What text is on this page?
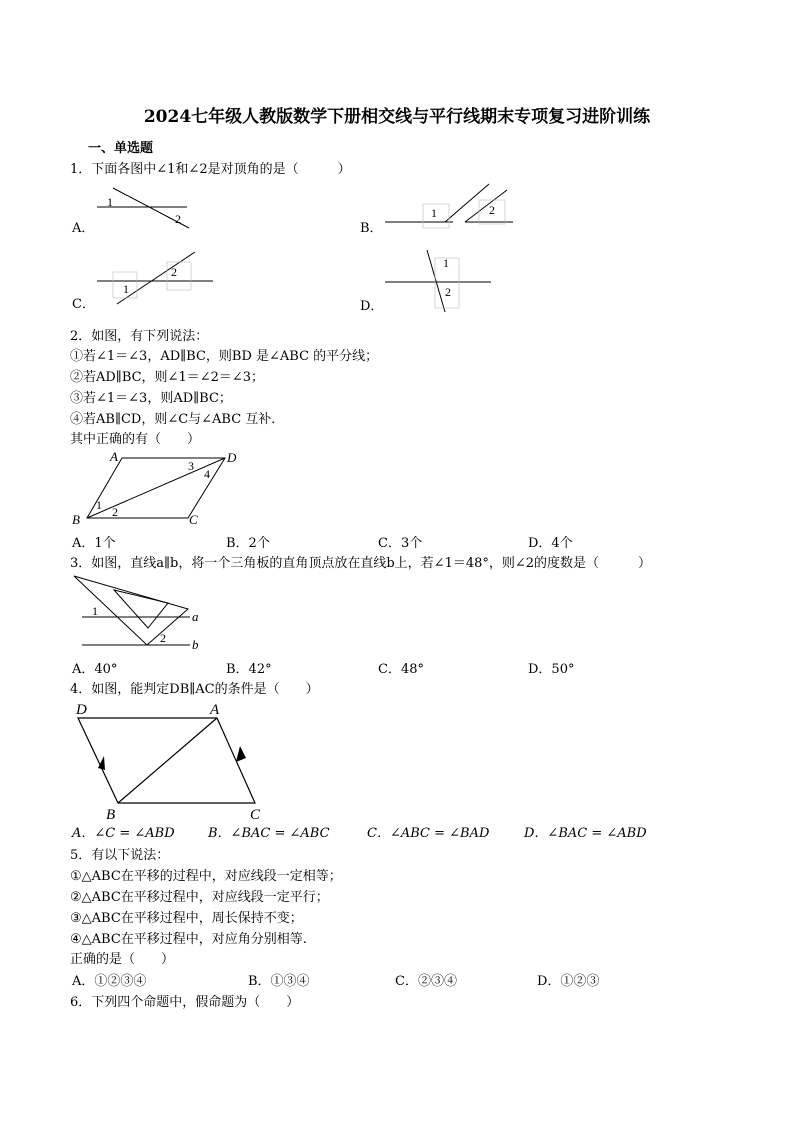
2024七年级人教版数学下册相交线与平行线期末专项复习进阶训练
一、单选题
1．下面各图中∠1和∠2是对顶角的是（　　　）
A．
1
2
B．
1	2
C．
1
2
D．
1
2
2．如图，有下列说法：
①若∠1＝∠3，AD∥BC，则BD 是∠ABC 的平分线；
②若AD∥BC，则∠1＝∠2＝∠3；
③若∠1＝∠3，则AD∥BC；
④若AB∥CD，则∠C与∠ABC 互补．
其中正确的有（　　）
A	D
B	C
1 2
3
4
A．1个	B．2个	C．3个	D．4个
3．如图，直线a∥b，将一个三角板的直角顶点放在直线b上，若∠1＝48°，则∠2的度数是（　　　）
1
2
a
b
A．40°	B．42°	C．48°	D．50°
4．如图，能判定DB∥AC的条件是（　　）
D	A
B	C
A．∠C = ∠ABD	B．∠BAC = ∠ABC	C．∠ABC = ∠BAD	D．∠BAC = ∠ABD
5．有以下说法：
①△ABC在平移的过程中，对应线段一定相等；
②△ABC在平移过程中，对应线段一定平行；
③△ABC在平移过程中，周长保持不变；
④△ABC在平移过程中，对应角分别相等.
正确的是（　　）
A．①②③④	B．①③④	C．②③④	D．①②③
6．下列四个命题中，假命题为（　　）
